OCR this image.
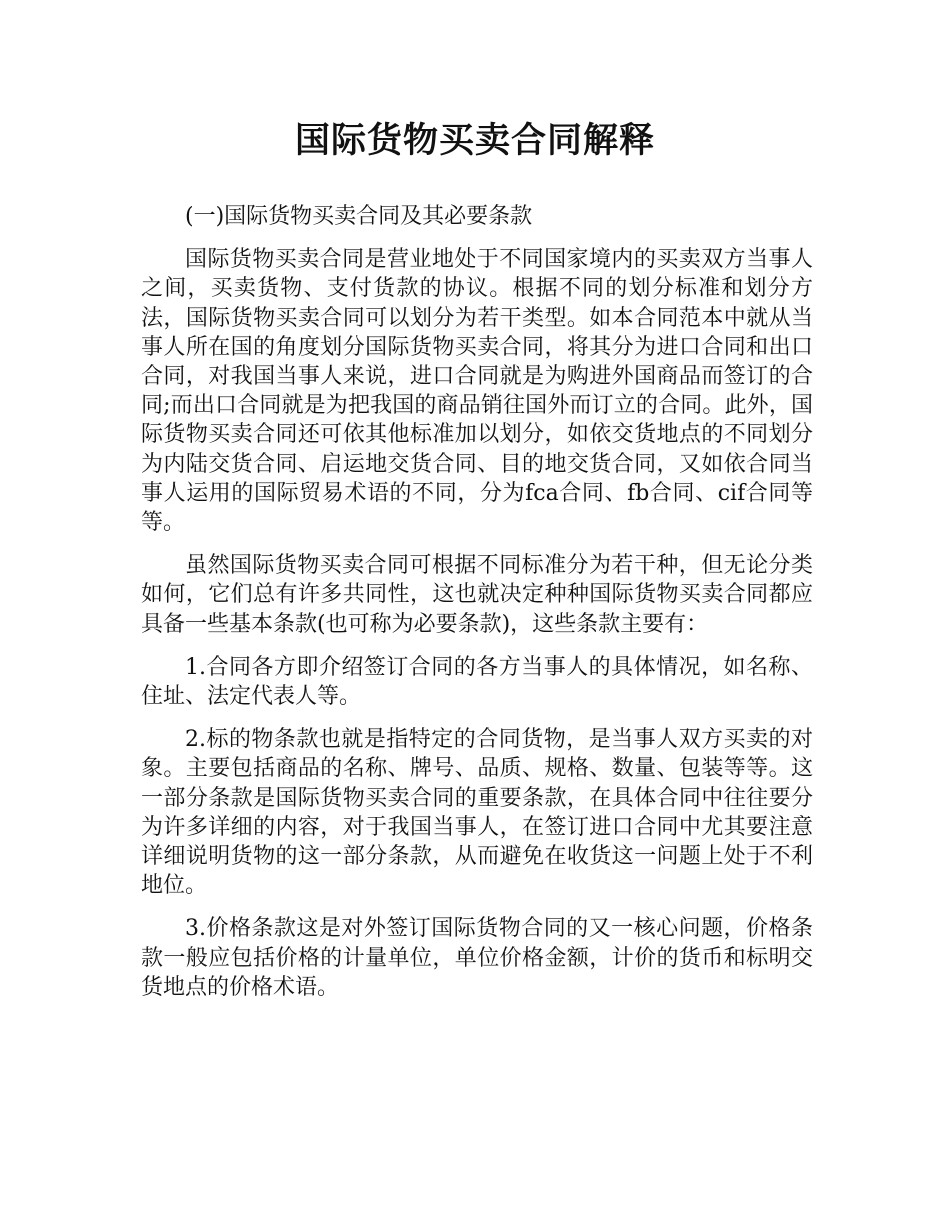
国际货物买卖合同解释

(一)国际货物买卖合同及其必要条款

国际货物买卖合同是营业地处于不同国家境内的买卖双方当事人之间，买卖货物、支付货款的协议。根据不同的划分标准和划分方法，国际货物买卖合同可以划分为若干类型。如本合同范本中就从当事人所在国的角度划分国际货物买卖合同，将其分为进口合同和出口合同，对我国当事人来说，进口合同就是为购进外国商品而签订的合同;而出口合同就是为把我国的商品销往国外而订立的合同。此外，国际货物买卖合同还可依其他标准加以划分，如依交货地点的不同划分为内陆交货合同、启运地交货合同、目的地交货合同，又如依合同当事人运用的国际贸易术语的不同，分为fca合同、fb合同、cif合同等等。

虽然国际货物买卖合同可根据不同标准分为若干种，但无论分类如何，它们总有许多共同性，这也就决定种种国际货物买卖合同都应具备一些基本条款(也可称为必要条款)，这些条款主要有：

1.合同各方即介绍签订合同的各方当事人的具体情况，如名称、住址、法定代表人等。

2.标的物条款也就是指特定的合同货物，是当事人双方买卖的对象。主要包括商品的名称、牌号、品质、规格、数量、包装等等。这一部分条款是国际货物买卖合同的重要条款，在具体合同中往往要分为许多详细的内容，对于我国当事人，在签订进口合同中尤其要注意详细说明货物的这一部分条款，从而避免在收货这一问题上处于不利地位。

3.价格条款这是对外签订国际货物合同的又一核心问题，价格条款一般应包括价格的计量单位，单位价格金额，计价的货币和标明交货地点的价格术语。
